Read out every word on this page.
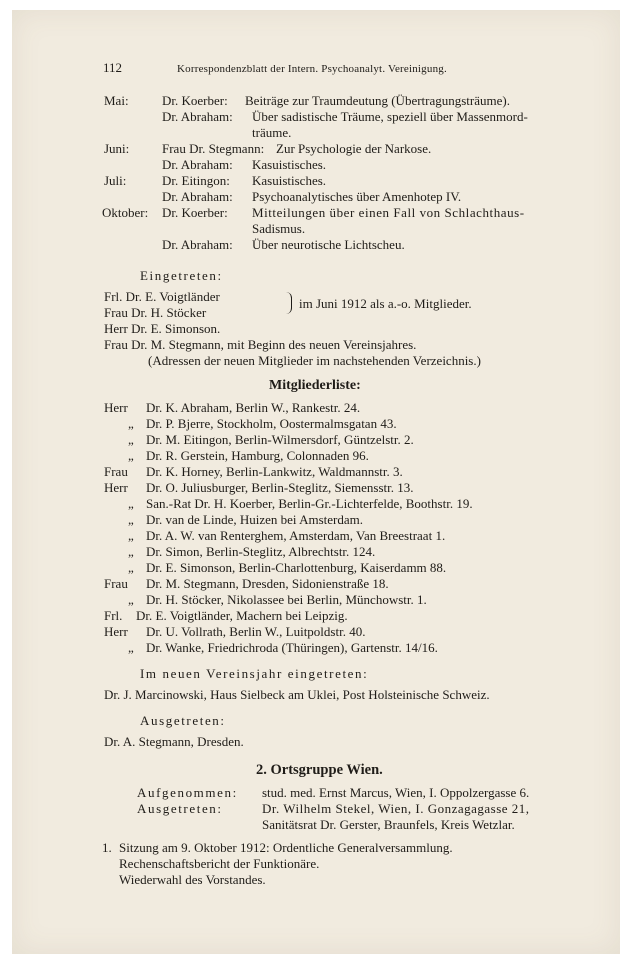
112	Korrespondenzblatt der Intern. Psychoanalyt. Vereinigung.
Mai:	Dr. Koerber: Beiträge zur Traumdeutung (Übertragungsträume).
Dr. Abraham: Über sadistische Träume, speziell über Massenmord-
träume.
Juni:	Frau Dr. Stegmann: Zur Psychologie der Narkose.
Dr. Abraham: Kasuistisches.
Juli:	Dr. Eitingon: Kasuistisches.
Dr. Abraham: Psychoanalytisches über Amenhotep IV.
Oktober: Dr. Koerber: Mitteilungen über einen Fall von Schlachthaus-
Sadismus.
Dr. Abraham: Über neurotische Lichtscheu.
Eingetreten:
Frl. Dr. E. Voigtländer
Frau Dr. H. Stöcker
im Juni 1912 als a.-o. Mitglieder.
Herr Dr. E. Simonson.
Frau Dr. M. Stegmann, mit Beginn des neuen Vereinsjahres.
(Adressen der neuen Mitglieder im nachstehenden Verzeichnis.)
Mitgliederliste:
Herr Dr. K. Abraham, Berlin W., Rankestr. 24.
„ Dr. P. Bjerre, Stockholm, Oostermalmsgatan 43.
„ Dr. M. Eitingon, Berlin-Wilmersdorf, Güntzelstr. 2.
„ Dr. R. Gerstein, Hamburg, Colonnaden 96.
Frau Dr. K. Horney, Berlin-Lankwitz, Waldmannstr. 3.
Herr Dr. O. Juliusburger, Berlin-Steglitz, Siemensstr. 13.
„ San.-Rat Dr. H. Koerber, Berlin-Gr.-Lichterfelde, Boothstr. 19.
„ Dr. van de Linde, Huizen bei Amsterdam.
„ Dr. A. W. van Renterghem, Amsterdam, Van Breestraat 1.
„ Dr. Simon, Berlin-Steglitz, Albrechtstr. 124.
„ Dr. E. Simonson, Berlin-Charlottenburg, Kaiserdamm 88.
Frau Dr. M. Stegmann, Dresden, Sidonienstraße 18.
„ Dr. H. Stöcker, Nikolassee bei Berlin, Münchowstr. 1.
Frl. Dr. E. Voigtländer, Machern bei Leipzig.
Herr Dr. U. Vollrath, Berlin W., Luitpoldstr. 40.
„ Dr. Wanke, Friedrichroda (Thüringen), Gartenstr. 14/16.
Im neuen Vereinsjahr eingetreten:
Dr. J. Marcinowski, Haus Sielbeck am Uklei, Post Holsteinische Schweiz.
Ausgetreten:
Dr. A. Stegmann, Dresden.
2. Ortsgruppe Wien.
Aufgenommen: stud. med. Ernst Marcus, Wien, I. Oppolzergasse 6.
Ausgetreten:	Dr. Wilhelm Stekel, Wien, I. Gonzagagasse 21,
Sanitätsrat Dr. Gerster, Braunfels, Kreis Wetzlar.
1. Sitzung am 9. Oktober 1912: Ordentliche Generalversammlung.
Rechenschaftsbericht der Funktionäre.
Wiederwahl des Vorstandes.
